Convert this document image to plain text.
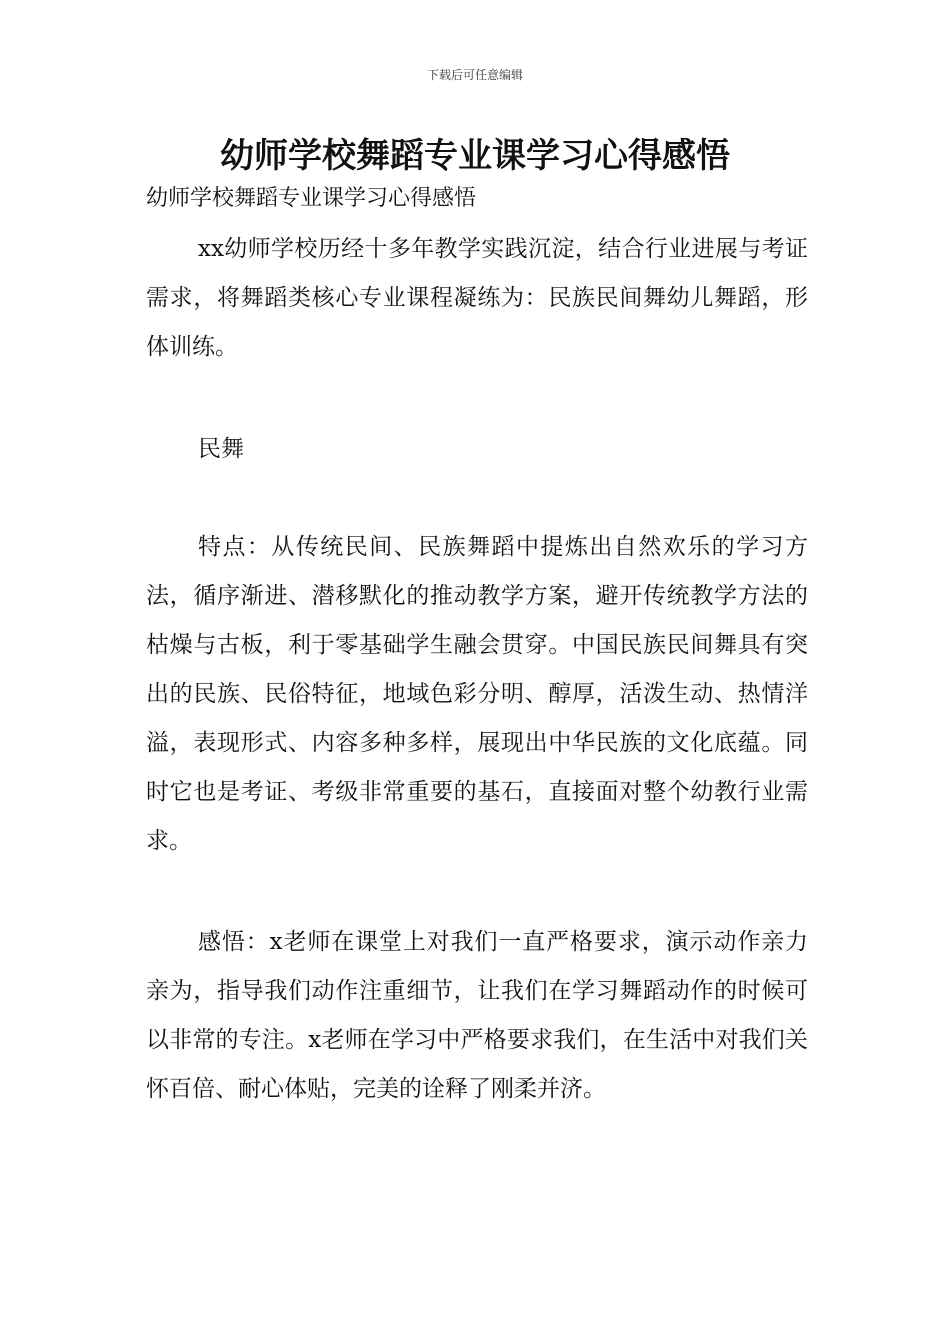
下载后可任意编辑
幼师学校舞蹈专业课学习心得感悟
幼师学校舞蹈专业课学习心得感悟

xx幼师学校历经十多年教学实践沉淀，结合行业进展与考证需求，将舞蹈类核心专业课程凝练为：民族民间舞幼儿舞蹈，形体训练。

民舞

特点：从传统民间、民族舞蹈中提炼出自然欢乐的学习方法，循序渐进、潜移默化的推动教学方案，避开传统教学方法的枯燥与古板，利于零基础学生融会贯穿。中国民族民间舞具有突出的民族、民俗特征，地域色彩分明、醇厚，活泼生动、热情洋溢，表现形式、内容多种多样，展现出中华民族的文化底蕴。同时它也是考证、考级非常重要的基石，直接面对整个幼教行业需求。

感悟：x老师在课堂上对我们一直严格要求，演示动作亲力亲为，指导我们动作注重细节，让我们在学习舞蹈动作的时候可以非常的专注。x老师在学习中严格要求我们，在生活中对我们关怀百倍、耐心体贴，完美的诠释了刚柔并济。
